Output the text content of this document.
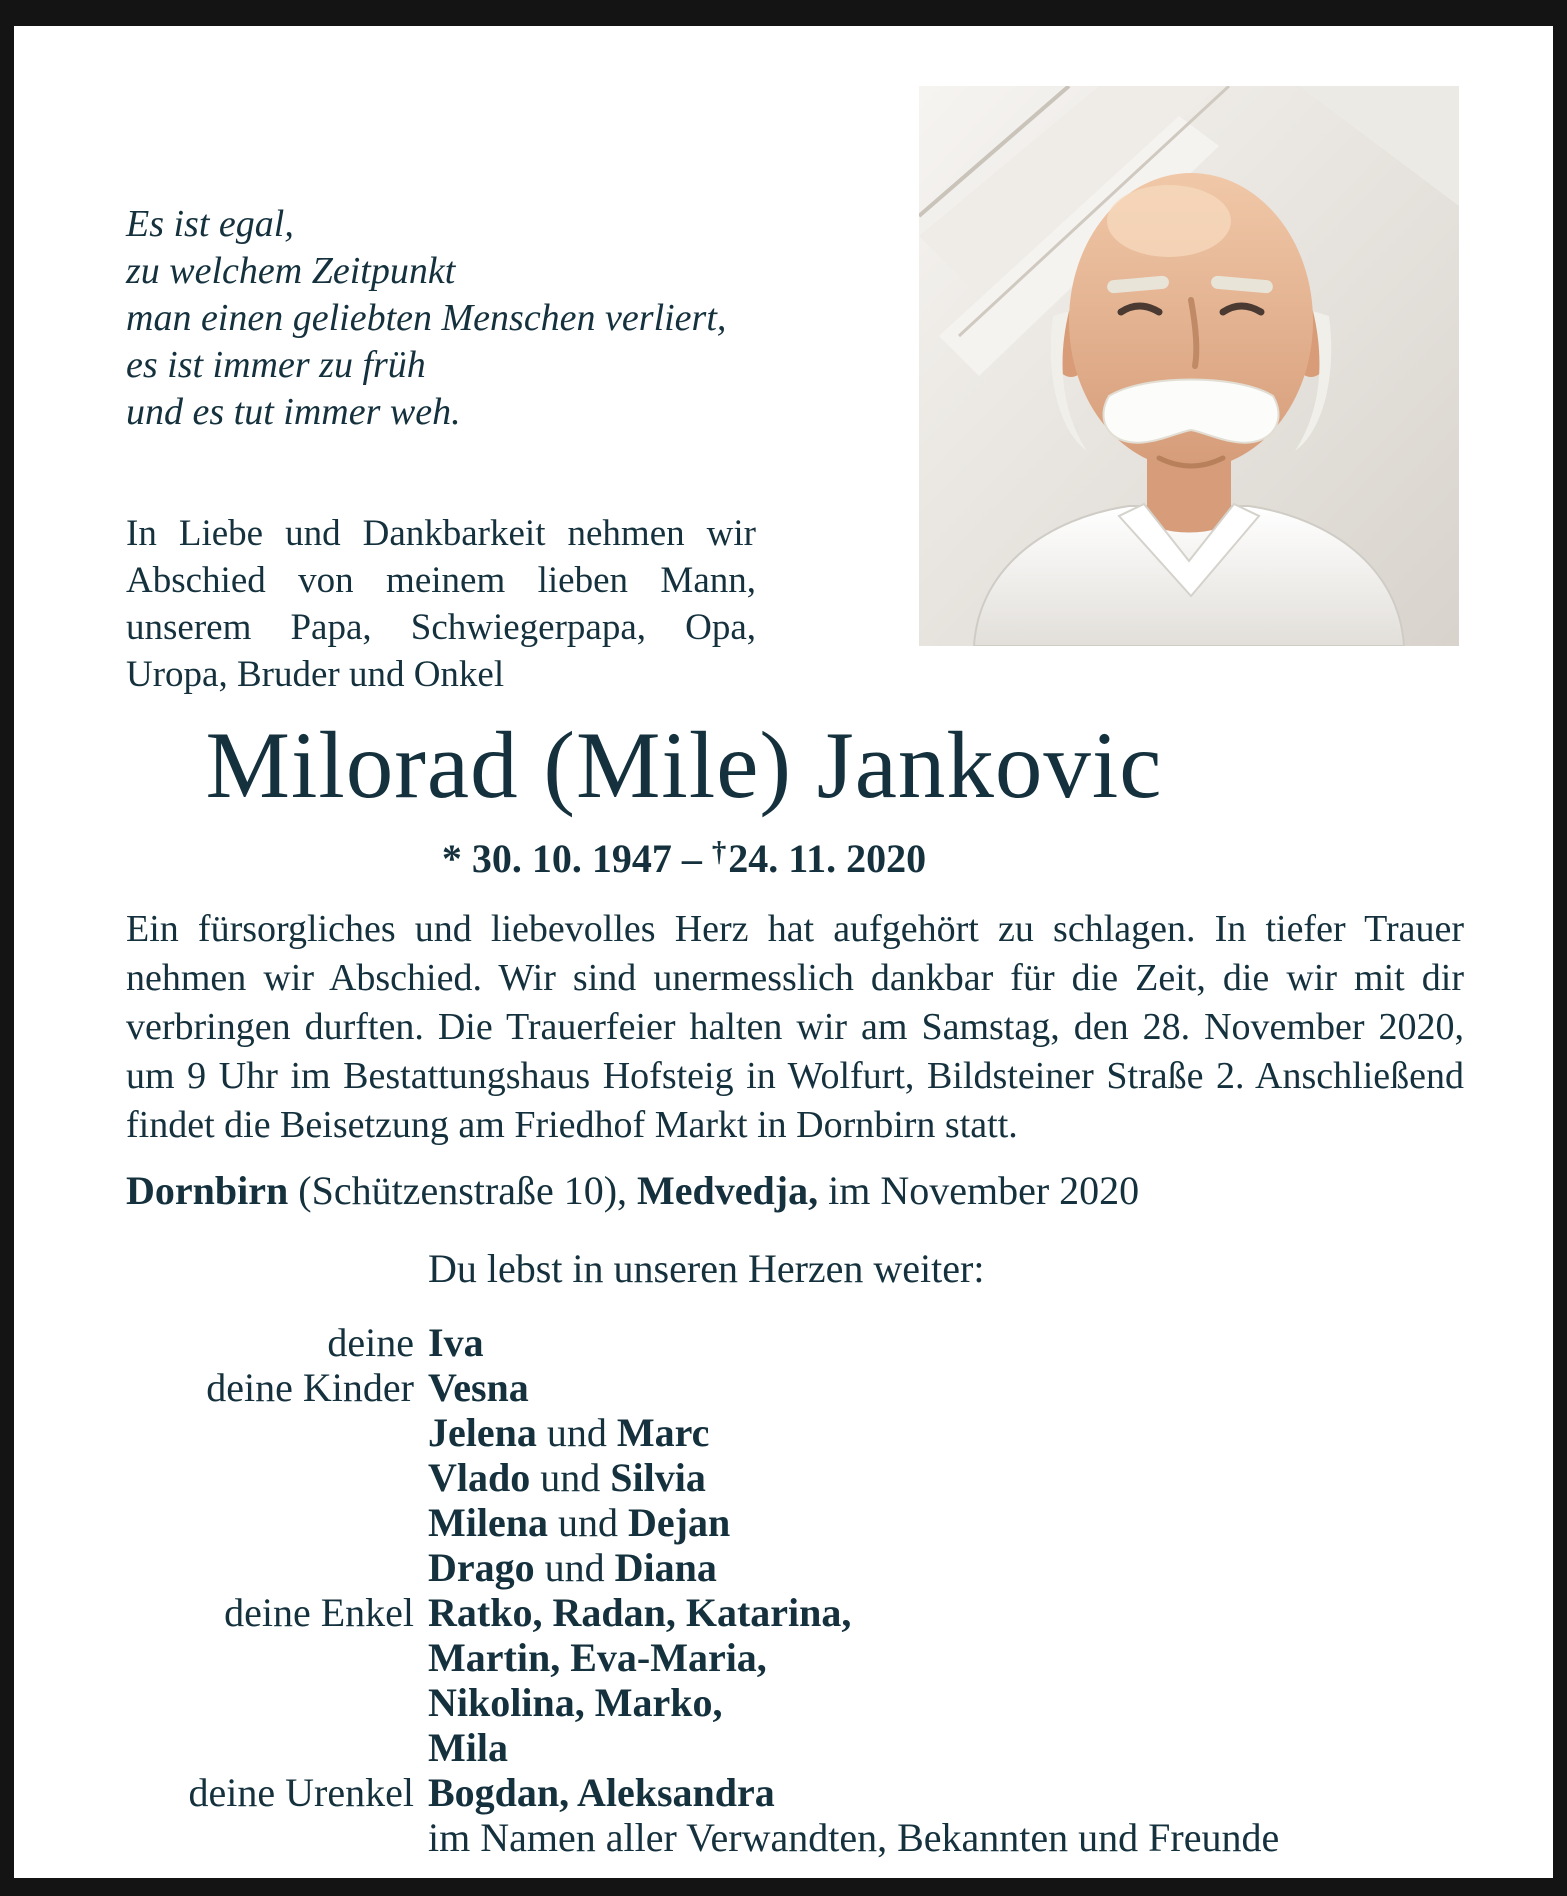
Es ist egal,
zu welchem Zeitpunkt
man einen geliebten Menschen verliert,
es ist immer zu früh
und es tut immer weh.
In Liebe und Dankbarkeit nehmen wir Abschied von meinem lieben Mann, unserem Papa, Schwiegerpapa, Opa, Uropa, Bruder und Onkel
Milorad (Mile) Jankovic
* 30. 10. 1947 – †24. 11. 2020
Ein fürsorgliches und liebevolles Herz hat aufgehört zu schlagen. In tiefer Trauer nehmen wir Abschied. Wir sind unermesslich dankbar für die Zeit, die wir mit dir verbringen durften. Die Trauerfeier halten wir am Samstag, den 28. November 2020, um 9 Uhr im Bestattungshaus Hofsteig in Wolfurt, Bildsteiner Straße 2. Anschließend findet die Beisetzung am Friedhof Markt in Dornbirn statt.
Dornbirn (Schützenstraße 10), Medvedja, im November 2020
Du lebst in unseren Herzen weiter:
deine Iva
deine Kinder Vesna
Jelena und Marc
Vlado und Silvia
Milena und Dejan
Drago und Diana
deine Enkel Ratko, Radan, Katarina,
Martin, Eva-Maria,
Nikolina, Marko,
Mila
deine Urenkel Bogdan, Aleksandra
im Namen aller Verwandten, Bekannten und Freunde
